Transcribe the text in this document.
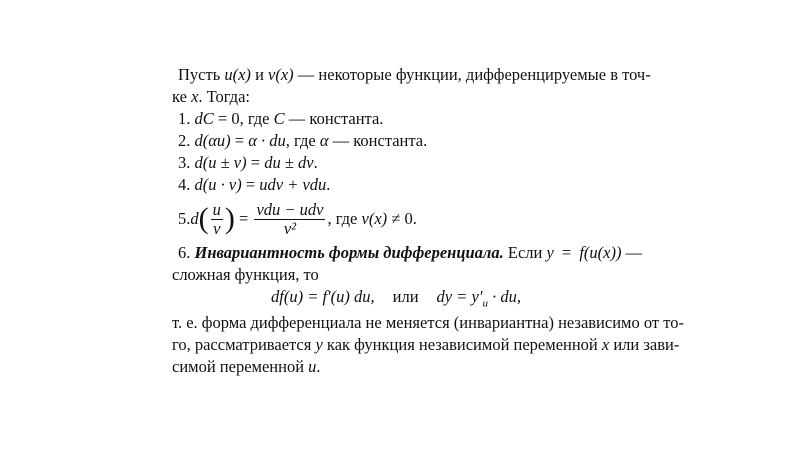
Пусть u(x) и v(x) — некоторые функции, дифференцируемые в точ-
ке x. Тогда:
1. dC = 0, где C — константа.
2. d(αu) = α · du, где α — константа.
3. d(u ± v) = du ± dv.
4. d(u · v) = udv + vdu.
5. d ( $\frac{u}{v}$ ) = $\frac{\text{vdu − udv}}{\text{v²}}$ , где v(x) ≠ 0.
6. Инвариантность формы дифференциала. Если y = f(u(x)) —
сложная функция, то
df(u) = f′(u) du, или dy = $y'_u$ · du,
т. е. форма дифференциала не меняется (инвариантна) независимо от то-
го, рассматривается y как функция независимой переменной x или зави-
симой переменной u.
